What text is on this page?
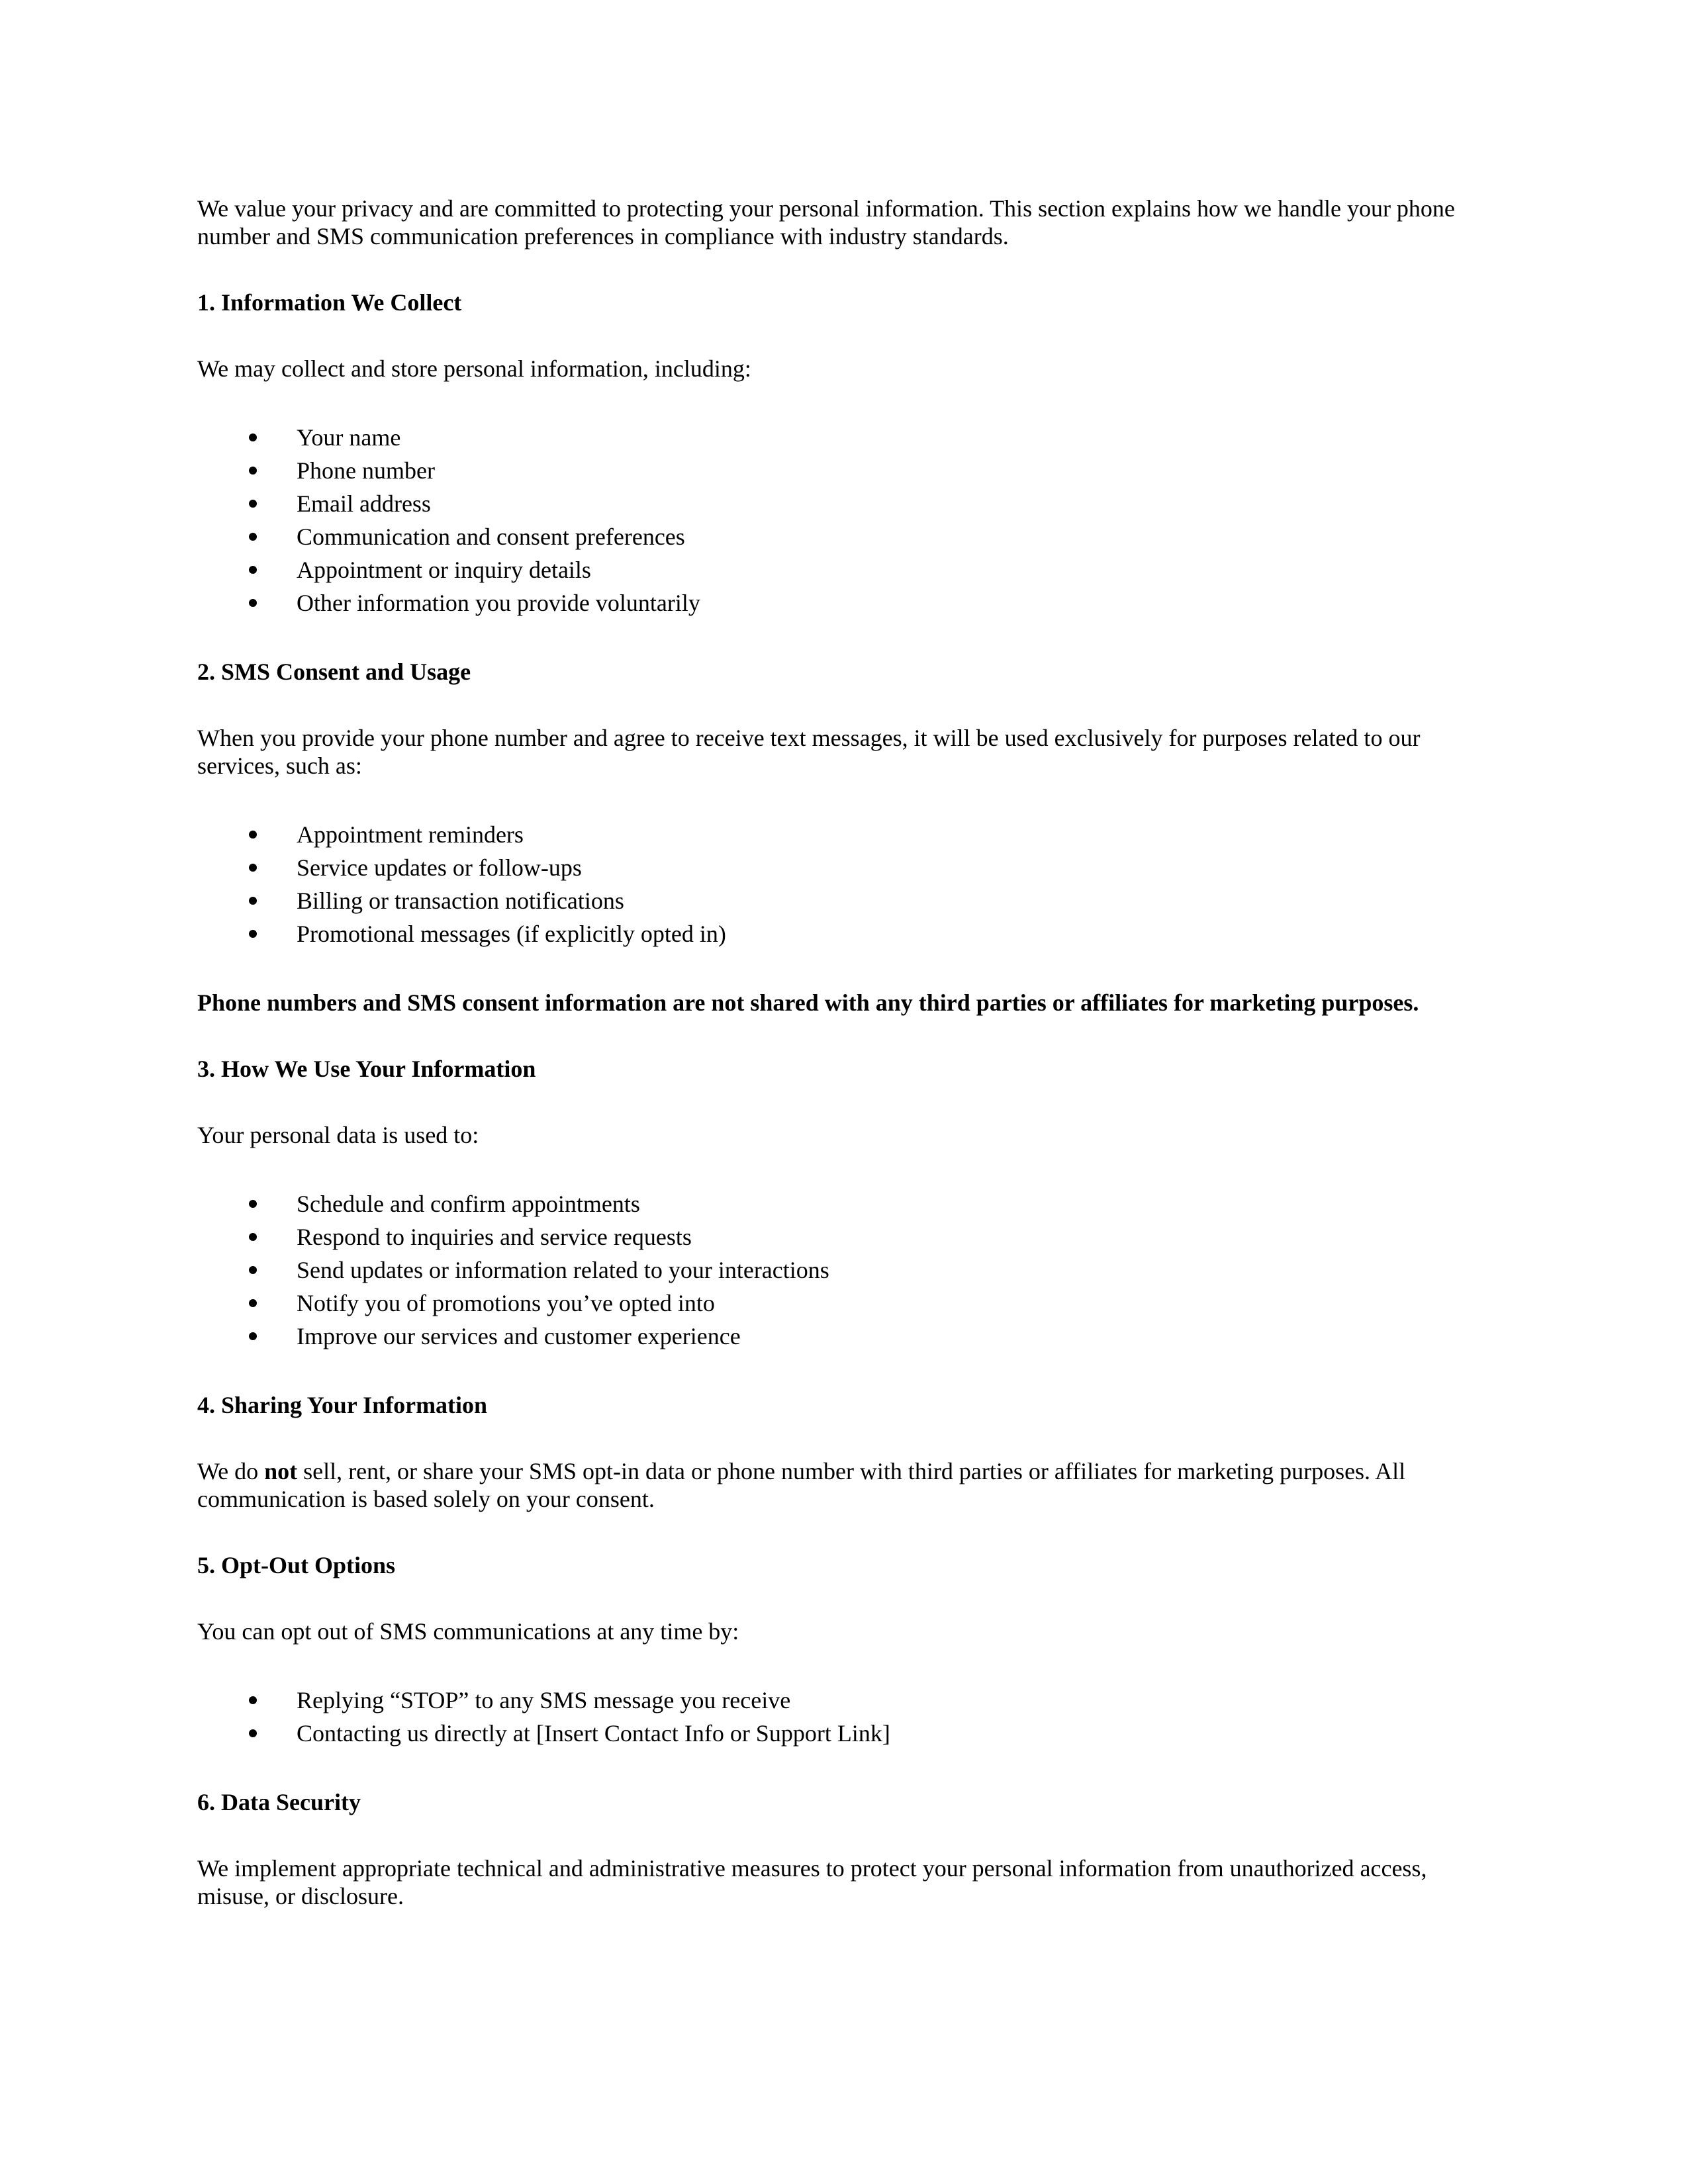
We value your privacy and are committed to protecting your personal information. This section explains how we handle your phone number and SMS communication preferences in compliance with industry standards.

1. Information We Collect

We may collect and store personal information, including:

Your name
Phone number
Email address
Communication and consent preferences
Appointment or inquiry details
Other information you provide voluntarily

2. SMS Consent and Usage

When you provide your phone number and agree to receive text messages, it will be used exclusively for purposes related to our services, such as:

Appointment reminders
Service updates or follow-ups
Billing or transaction notifications
Promotional messages (if explicitly opted in)

Phone numbers and SMS consent information are not shared with any third parties or affiliates for marketing purposes.

3. How We Use Your Information

Your personal data is used to:

Schedule and confirm appointments
Respond to inquiries and service requests
Send updates or information related to your interactions
Notify you of promotions you’ve opted into
Improve our services and customer experience

4. Sharing Your Information

We do not sell, rent, or share your SMS opt-in data or phone number with third parties or affiliates for marketing purposes. All communication is based solely on your consent.

5. Opt-Out Options

You can opt out of SMS communications at any time by:

Replying “STOP” to any SMS message you receive
Contacting us directly at [Insert Contact Info or Support Link]

6. Data Security

We implement appropriate technical and administrative measures to protect your personal information from unauthorized access, misuse, or disclosure.
